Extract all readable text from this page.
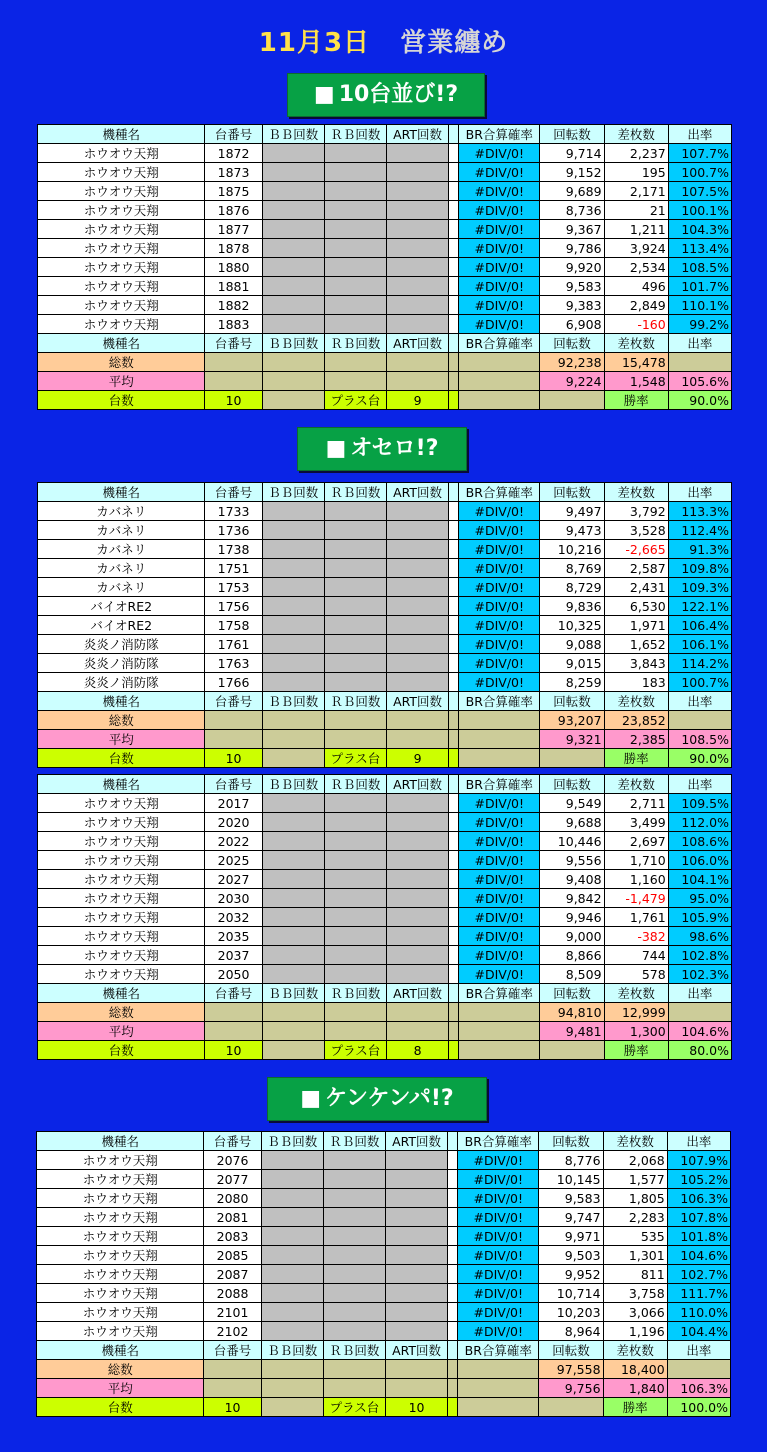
11月3日 営業纏め
■ 10台並び!?
■ オセロ!?
■ ケンケンパ!?
機種名	台番号	ＢＢ回数	ＲＢ回数	ART回数		BR合算確率	回転数	差枚数	出率
ホウオウ天翔	1872					#DIV/0!	9,714	2,237	107.7%
ホウオウ天翔	1873					#DIV/0!	9,152	195	100.7%
ホウオウ天翔	1875					#DIV/0!	9,689	2,171	107.5%
ホウオウ天翔	1876					#DIV/0!	8,736	21	100.1%
ホウオウ天翔	1877					#DIV/0!	9,367	1,211	104.3%
ホウオウ天翔	1878					#DIV/0!	9,786	3,924	113.4%
ホウオウ天翔	1880					#DIV/0!	9,920	2,534	108.5%
ホウオウ天翔	1881					#DIV/0!	9,583	496	101.7%
ホウオウ天翔	1882					#DIV/0!	9,383	2,849	110.1%
ホウオウ天翔	1883					#DIV/0!	6,908	-160	99.2%
機種名	台番号	ＢＢ回数	ＲＢ回数	ART回数		BR合算確率	回転数	差枚数	出率
総数							92,238	15,478	
平均							9,224	1,548	105.6%
台数	10		プラス台	9				勝率	90.0%
機種名	台番号	ＢＢ回数	ＲＢ回数	ART回数		BR合算確率	回転数	差枚数	出率
カバネリ	1733					#DIV/0!	9,497	3,792	113.3%
カバネリ	1736					#DIV/0!	9,473	3,528	112.4%
カバネリ	1738					#DIV/0!	10,216	-2,665	91.3%
カバネリ	1751					#DIV/0!	8,769	2,587	109.8%
カバネリ	1753					#DIV/0!	8,729	2,431	109.3%
バイオRE2	1756					#DIV/0!	9,836	6,530	122.1%
バイオRE2	1758					#DIV/0!	10,325	1,971	106.4%
炎炎ノ消防隊	1761					#DIV/0!	9,088	1,652	106.1%
炎炎ノ消防隊	1763					#DIV/0!	9,015	3,843	114.2%
炎炎ノ消防隊	1766					#DIV/0!	8,259	183	100.7%
機種名	台番号	ＢＢ回数	ＲＢ回数	ART回数		BR合算確率	回転数	差枚数	出率
総数							93,207	23,852	
平均							9,321	2,385	108.5%
台数	10		プラス台	9				勝率	90.0%
機種名	台番号	ＢＢ回数	ＲＢ回数	ART回数		BR合算確率	回転数	差枚数	出率
ホウオウ天翔	2017					#DIV/0!	9,549	2,711	109.5%
ホウオウ天翔	2020					#DIV/0!	9,688	3,499	112.0%
ホウオウ天翔	2022					#DIV/0!	10,446	2,697	108.6%
ホウオウ天翔	2025					#DIV/0!	9,556	1,710	106.0%
ホウオウ天翔	2027					#DIV/0!	9,408	1,160	104.1%
ホウオウ天翔	2030					#DIV/0!	9,842	-1,479	95.0%
ホウオウ天翔	2032					#DIV/0!	9,946	1,761	105.9%
ホウオウ天翔	2035					#DIV/0!	9,000	-382	98.6%
ホウオウ天翔	2037					#DIV/0!	8,866	744	102.8%
ホウオウ天翔	2050					#DIV/0!	8,509	578	102.3%
機種名	台番号	ＢＢ回数	ＲＢ回数	ART回数		BR合算確率	回転数	差枚数	出率
総数							94,810	12,999	
平均							9,481	1,300	104.6%
台数	10		プラス台	8				勝率	80.0%
機種名	台番号	ＢＢ回数	ＲＢ回数	ART回数		BR合算確率	回転数	差枚数	出率
ホウオウ天翔	2076					#DIV/0!	8,776	2,068	107.9%
ホウオウ天翔	2077					#DIV/0!	10,145	1,577	105.2%
ホウオウ天翔	2080					#DIV/0!	9,583	1,805	106.3%
ホウオウ天翔	2081					#DIV/0!	9,747	2,283	107.8%
ホウオウ天翔	2083					#DIV/0!	9,971	535	101.8%
ホウオウ天翔	2085					#DIV/0!	9,503	1,301	104.6%
ホウオウ天翔	2087					#DIV/0!	9,952	811	102.7%
ホウオウ天翔	2088					#DIV/0!	10,714	3,758	111.7%
ホウオウ天翔	2101					#DIV/0!	10,203	3,066	110.0%
ホウオウ天翔	2102					#DIV/0!	8,964	1,196	104.4%
機種名	台番号	ＢＢ回数	ＲＢ回数	ART回数		BR合算確率	回転数	差枚数	出率
総数							97,558	18,400	
平均							9,756	1,840	106.3%
台数	10		プラス台	10				勝率	100.0%
